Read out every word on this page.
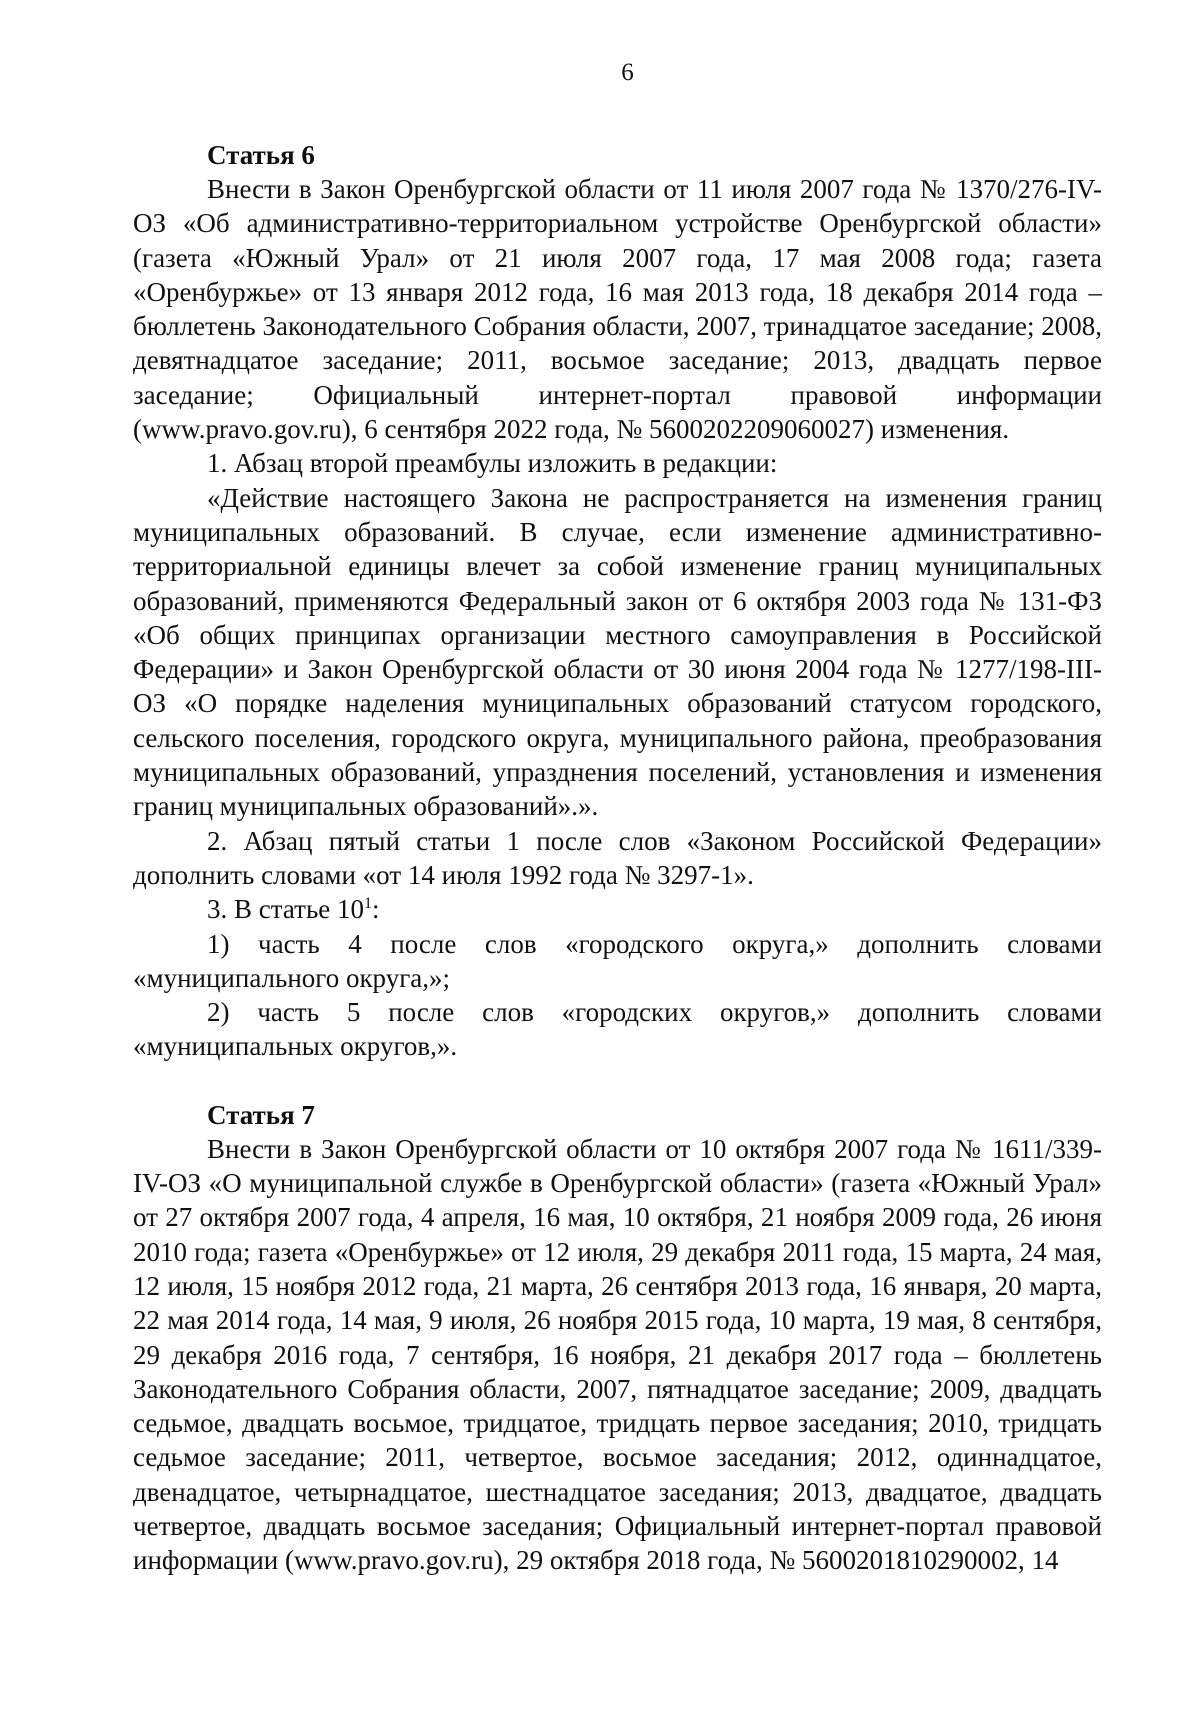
6
Статья 6

Внести в Закон Оренбургской области от 11 июля 2007 года № 1370/276-IV-ОЗ «Об административно-территориальном устройстве Оренбургской области» (газета «Южный Урал» от 21 июля 2007 года, 17 мая 2008 года; газета «Оренбуржье» от 13 января 2012 года, 16 мая 2013 года, 18 декабря 2014 года – бюллетень Законодательного Собрания области, 2007, тринадцатое заседание; 2008, девятнадцатое заседание; 2011, восьмое заседание; 2013, двадцать первое заседание; Официальный интернет-портал правовой информации (www.pravo.gov.ru), 6 сентября 2022 года, № 5600202209060027) изменения.

1. Абзац второй преамбулы изложить в редакции:

«Действие настоящего Закона не распространяется на изменения границ муниципальных образований. В случае, если изменение административно-территориальной единицы влечет за собой изменение границ муниципальных образований, применяются Федеральный закон от 6 октября 2003 года № 131-ФЗ «Об общих принципах организации местного самоуправления в Российской Федерации» и Закон Оренбургской области от 30 июня 2004 года № 1277/198-III-ОЗ «О порядке наделения муниципальных образований статусом городского, сельского поселения, городского округа, муниципального района, преобразования муниципальных образований, упразднения поселений, установления и изменения границ муниципальных образований».».

2. Абзац пятый статьи 1 после слов «Законом Российской Федерации» дополнить словами «от 14 июля 1992 года № 3297-1».

3. В статье $10^1$:

1) часть 4 после слов «городского округа,» дополнить словами «муниципального округа,»;

2) часть 5 после слов «городских округов,» дополнить словами «муниципальных округов,».

Статья 7

Внести в Закон Оренбургской области от 10 октября 2007 года № 1611/339-IV-ОЗ «О муниципальной службе в Оренбургской области» (газета «Южный Урал» от 27 октября 2007 года, 4 апреля, 16 мая, 10 октября, 21 ноября 2009 года, 26 июня 2010 года; газета «Оренбуржье» от 12 июля, 29 декабря 2011 года, 15 марта, 24 мая, 12 июля, 15 ноября 2012 года, 21 марта, 26 сентября 2013 года, 16 января, 20 марта, 22 мая 2014 года, 14 мая, 9 июля, 26 ноября 2015 года, 10 марта, 19 мая, 8 сентября, 29 декабря 2016 года, 7 сентября, 16 ноября, 21 декабря 2017 года – бюллетень Законодательного Собрания области, 2007, пятнадцатое заседание; 2009, двадцать седьмое, двадцать восьмое, тридцатое, тридцать первое заседания; 2010, тридцать седьмое заседание; 2011, четвертое, восьмое заседания; 2012, одиннадцатое, двенадцатое, четырнадцатое, шестнадцатое заседания; 2013, двадцатое, двадцать четвертое, двадцать восьмое заседания; Официальный интернет-портал правовой информации (www.pravo.gov.ru), 29 октября 2018 года, № 5600201810290002, 14
